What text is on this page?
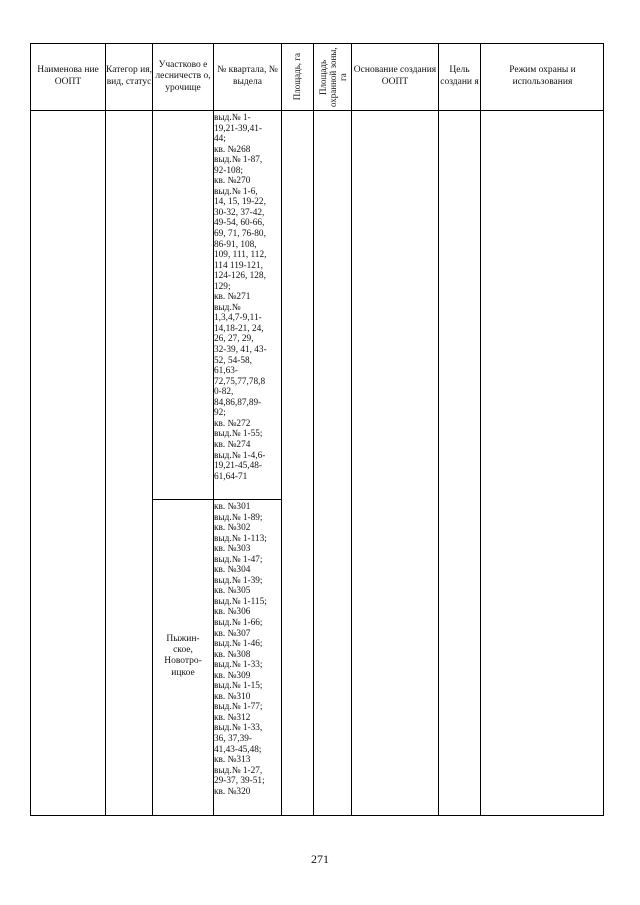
Наименова ние ООПТ
Категор ия, вид, статус
Участково е лесничеств о, урочище
№ квартала, № выдела	Площадь, га Площадь охранной зоны, га
Основание создания ООПТ
Цель создани я
Режим охраны и использования
выд.№ 1-
19,21-39,41-
44;
кв. №268
выд.№ 1-87,
92-108;
кв. №270
выд.№ 1-6,
14, 15, 19-22,
30-32, 37-42,
49-54, 60-66,
69, 71, 76-80,
86-91, 108,
109, 111, 112,
114 119-121,
124-126, 128,
129;
кв. №271
выд.№
1,3,4,7-9,11-
14,18-21, 24,
26, 27, 29,
32-39, 41, 43-
52, 54-58,
61,63-
72,75,77,78,8
0-82,
84,86,87,89-
92;
кв. №272
выд.№ 1-55;
кв. №274
выд.№ 1-4,6-
19,21-45,48-
61,64-71
Пыжин-
ское,
Новотро-
ицкое
кв. №301
выд.№ 1-89;
кв. №302
выд.№ 1-113;
кв. №303
выд.№ 1-47;
кв. №304
выд.№ 1-39;
кв. №305
выд.№ 1-115;
кв. №306
выд.№ 1-66;
кв. №307
выд.№ 1-46;
кв. №308
выд.№ 1-33;
кв. №309
выд.№ 1-15;
кв. №310
выд.№ 1-77;
кв. №312
выд.№ 1-33,
36, 37,39-
41,43-45,48;
кв. №313
выд.№ 1-27,
29-37, 39-51;
кв. №320
271
